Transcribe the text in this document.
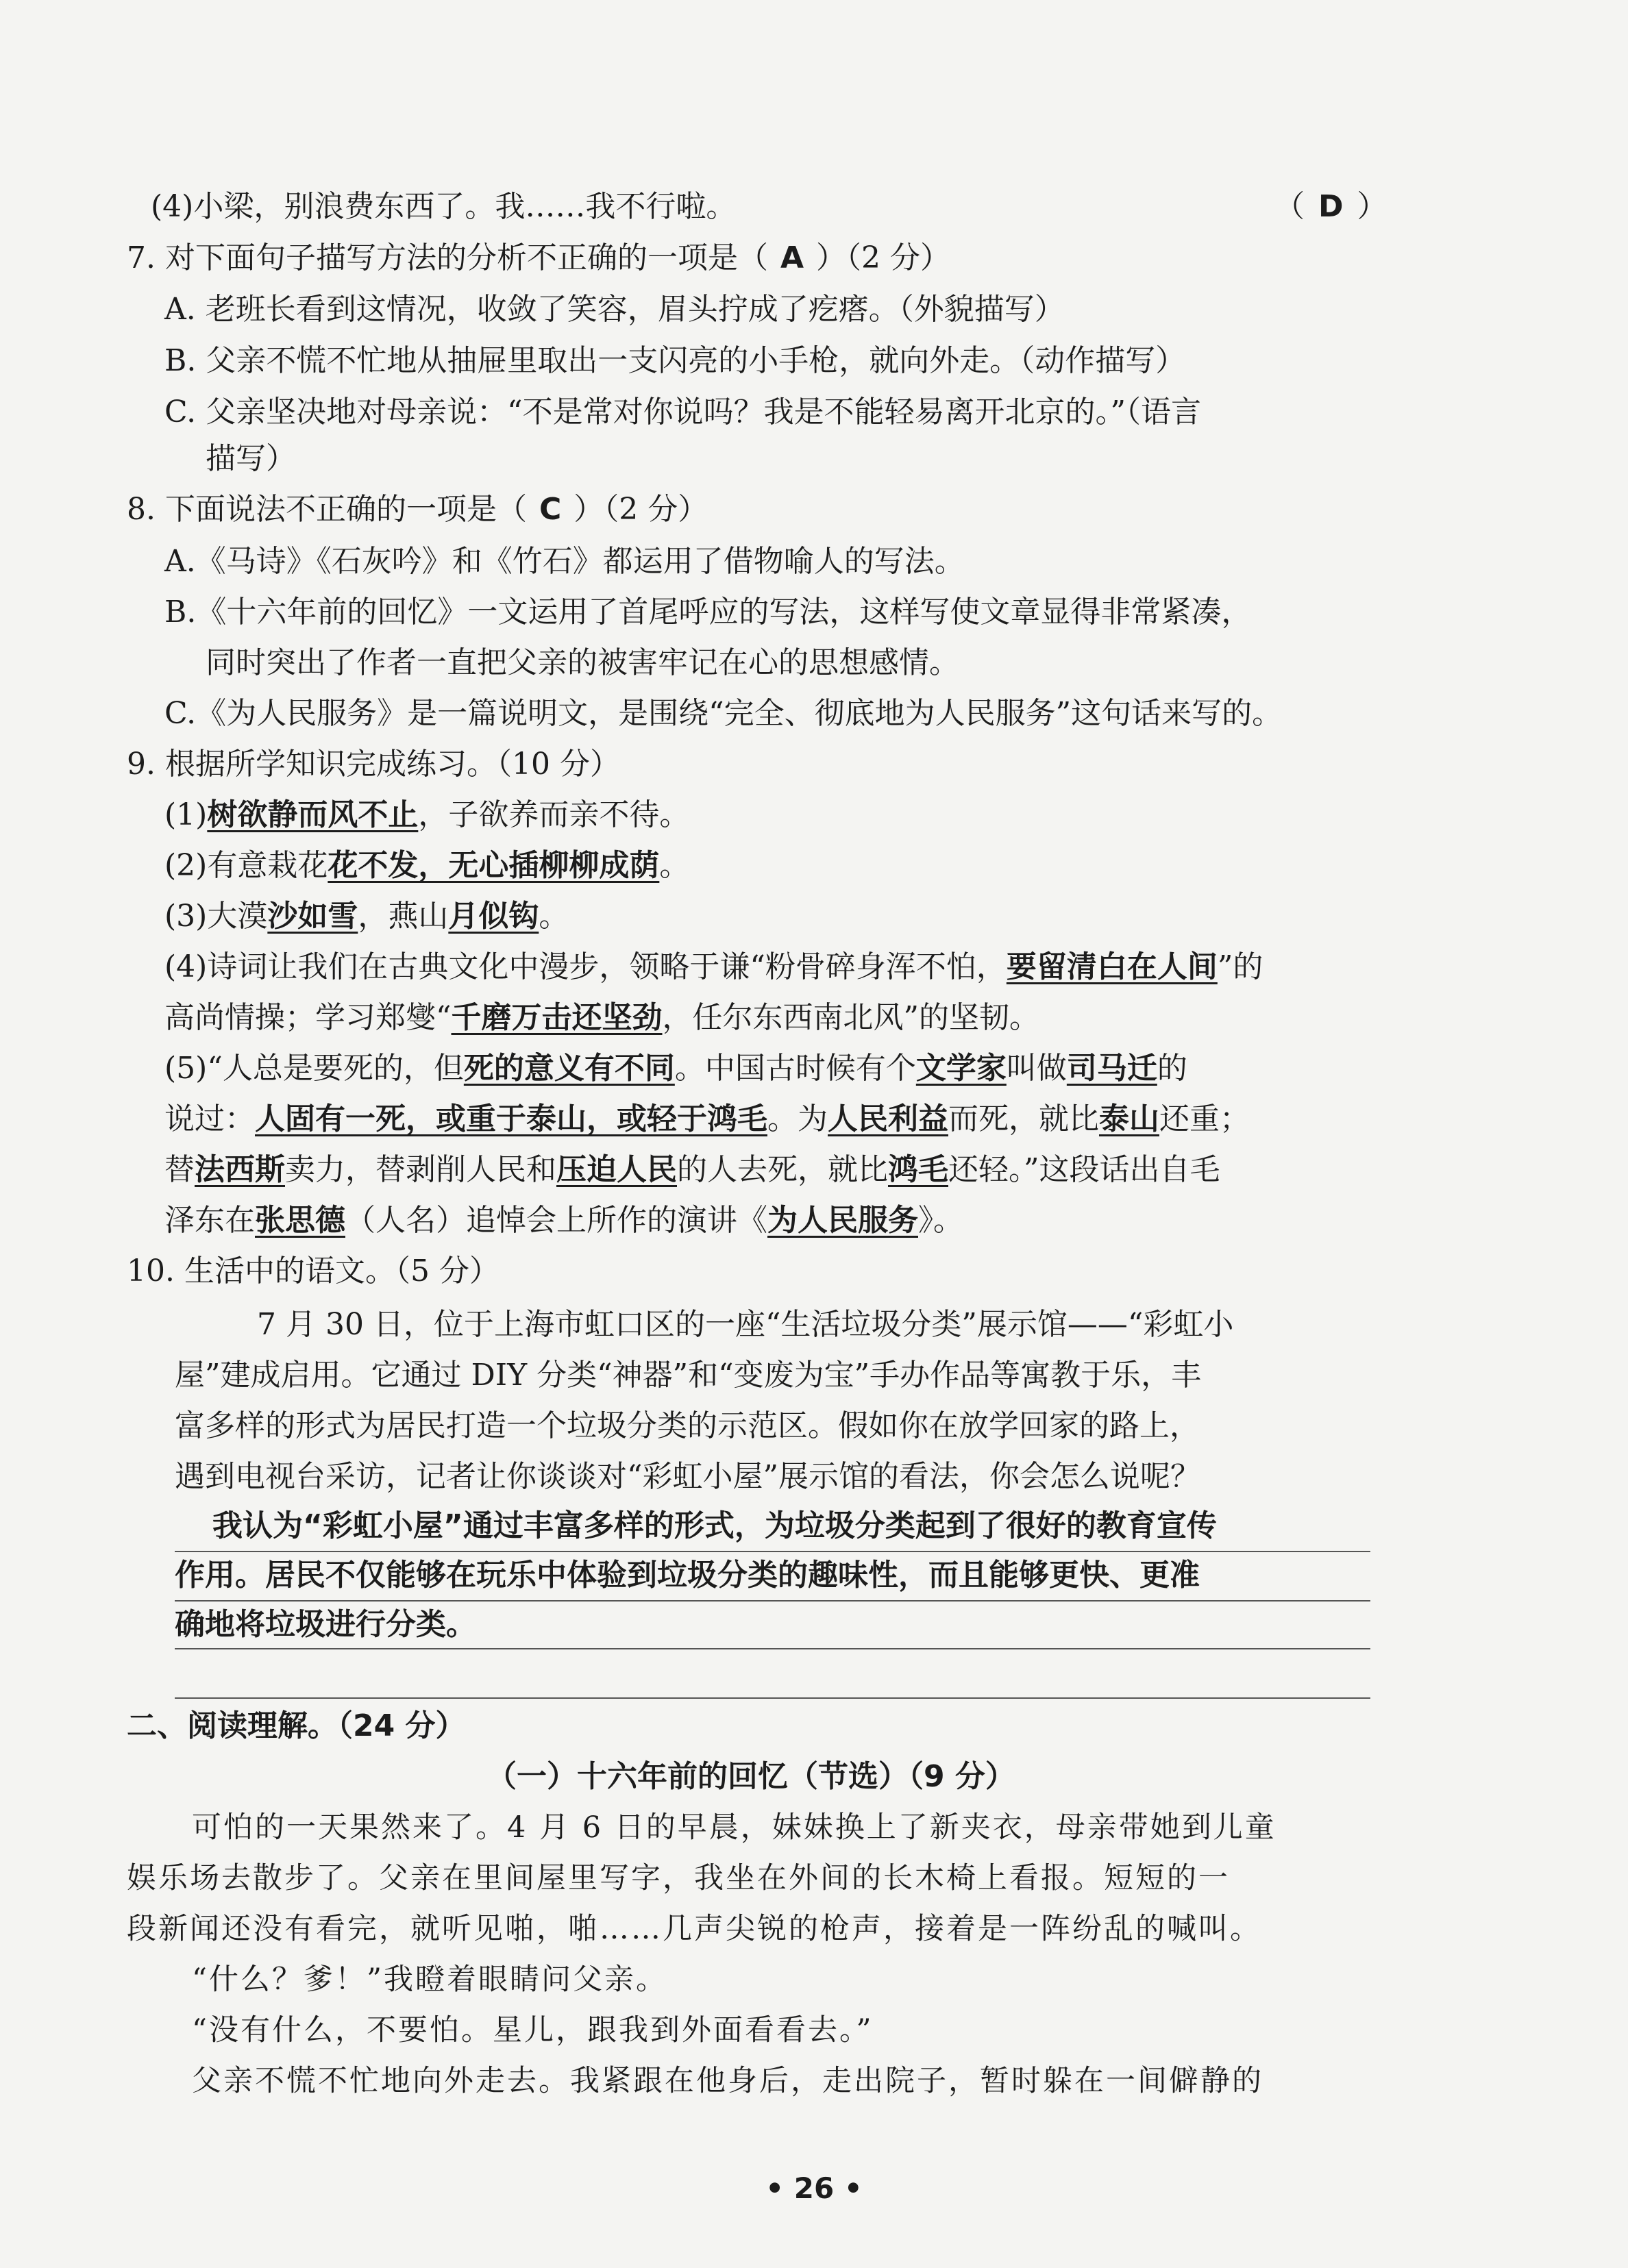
(4)小梁，别浪费东西了。我……我不行啦。	（ D ）
7. 对下面句子描写方法的分析不正确的一项是（ A ）（2 分）
A. 老班长看到这情况，收敛了笑容，眉头拧成了疙瘩。（外貌描写）
B. 父亲不慌不忙地从抽屉里取出一支闪亮的小手枪，就向外走。（动作描写）
C. 父亲坚决地对母亲说：“不是常对你说吗？我是不能轻易离开北京的。”（语言
描写）
8. 下面说法不正确的一项是（ C ）（2 分）
A.《马诗》《石灰吟》和《竹石》都运用了借物喻人的写法。
B.《十六年前的回忆》一文运用了首尾呼应的写法，这样写使文章显得非常紧凑，
同时突出了作者一直把父亲的被害牢记在心的思想感情。
C.《为人民服务》是一篇说明文，是围绕“完全、彻底地为人民服务”这句话来写的。
9. 根据所学知识完成练习。（10 分）
(1)树欲静而风不止，子欲养而亲不待。
(2)有意栽花花不发，无心插柳柳成荫。
(3)大漠沙如雪，燕山月似钩。
(4)诗词让我们在古典文化中漫步，领略于谦“粉骨碎身浑不怕，要留清白在人间”的
高尚情操；学习郑燮“千磨万击还坚劲，任尔东西南北风”的坚韧。
(5)“人总是要死的，但死的意义有不同。中国古时候有个文学家叫做司马迁的
说过：人固有一死，或重于泰山，或轻于鸿毛。为人民利益而死，就比泰山还重；
替法西斯卖力，替剥削人民和压迫人民的人去死，就比鸿毛还轻。”这段话出自毛
泽东在张思德（人名）追悼会上所作的演讲《为人民服务》。
10. 生活中的语文。（5 分）
7 月 30 日，位于上海市虹口区的一座“生活垃圾分类”展示馆——“彩虹小
屋”建成启用。它通过 DIY 分类“神器”和“变废为宝”手办作品等寓教于乐，丰
富多样的形式为居民打造一个垃圾分类的示范区。假如你在放学回家的路上，
遇到电视台采访，记者让你谈谈对“彩虹小屋”展示馆的看法，你会怎么说呢？
我认为“彩虹小屋”通过丰富多样的形式，为垃圾分类起到了很好的教育宣传
作用。居民不仅能够在玩乐中体验到垃圾分类的趣味性，而且能够更快、更准
确地将垃圾进行分类。
二、阅读理解。（24 分）
（一）十六年前的回忆（节选）（9 分）
可怕的一天果然来了。4 月 6 日的早晨，妹妹换上了新夹衣，母亲带她到儿童
娱乐场去散步了。父亲在里间屋里写字，我坐在外间的长木椅上看报。短短的一
段新闻还没有看完，就听见啪，啪……几声尖锐的枪声，接着是一阵纷乱的喊叫。
“什么？爹！”我瞪着眼睛问父亲。
“没有什么，不要怕。星儿，跟我到外面看看去。”
父亲不慌不忙地向外走去。我紧跟在他身后，走出院子，暂时躲在一间僻静的
• 26 •
